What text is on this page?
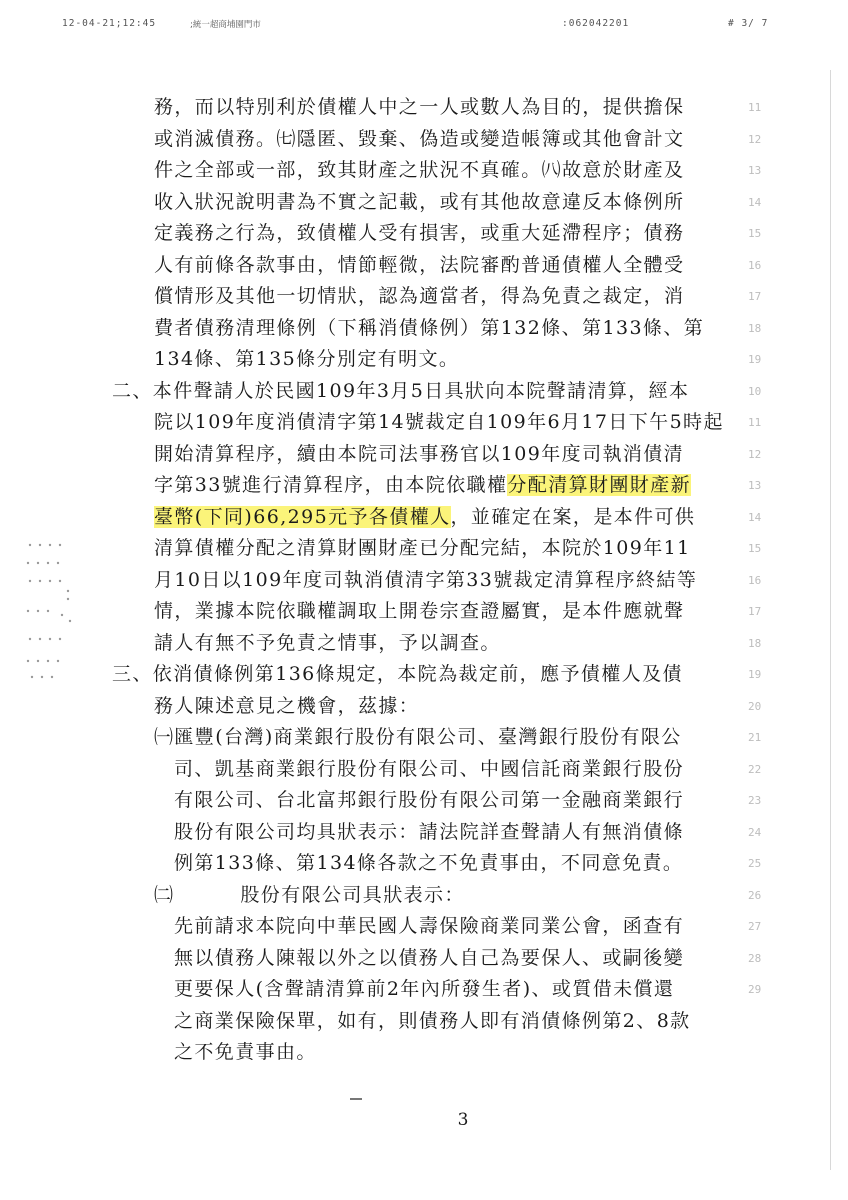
12-04-21;12:45	;統一超商埔園門市	:062042201	# 3/ 7

務，而以特別利於債權人中之一人或數人為目的，提供擔保

或消滅債務。㈦隱匿、毀棄、偽造或變造帳簿或其他會計文

件之全部或一部，致其財產之狀況不真確。㈧故意於財產及

收入狀況說明書為不實之記載，或有其他故意違反本條例所

定義務之行為，致債權人受有損害，或重大延滯程序；債務

人有前條各款事由，情節輕微，法院審酌普通債權人全體受

償情形及其他一切情狀，認為適當者，得為免責之裁定，消

費者債務清理條例（下稱消債條例）第132條、第133條、第

134條、第135條分別定有明文。

二、本件聲請人於民國109年3月5日具狀向本院聲請清算，經本

院以109年度消債清字第14號裁定自109年6月17日下午5時起

開始清算程序，續由本院司法事務官以109年度司執消債清

字第33號進行清算程序，由本院依職權分配清算財團財產新

臺幣(下同)66,295元予各債權人，並確定在案，是本件可供

清算債權分配之清算財團財產已分配完結，本院於109年11

月10日以109年度司執消債清字第33號裁定清算程序終結等

情，業據本院依職權調取上開卷宗查證屬實，是本件應就聲

請人有無不予免責之情事，予以調查。

三、依消債條例第136條規定，本院為裁定前，應予債權人及債

務人陳述意見之機會，茲據：

㈠匯豐(台灣)商業銀行股份有限公司、臺灣銀行股份有限公

司、凱基商業銀行股份有限公司、中國信託商業銀行股份

有限公司、台北富邦銀行股份有限公司第一金融商業銀行

股份有限公司均具狀表示：請法院詳查聲請人有無消債條

例第133條、第134條各款之不免責事由，不同意免責。

㈡	股份有限公司具狀表示：

先前請求本院向中華民國人壽保險商業同業公會，函查有

無以債務人陳報以外之以債務人自己為要保人、或嗣後變

更要保人(含聲請清算前2年內所發生者)、或質借未償還

之商業保險保單，如有，則債務人即有消債條例第2、8款

之不免責事由。

11
12
13
14
15
16
17
18
19
10
11
12
13
14
15
16
17
18
19
20
21
22
23
24
25
26
27
28
29
3
